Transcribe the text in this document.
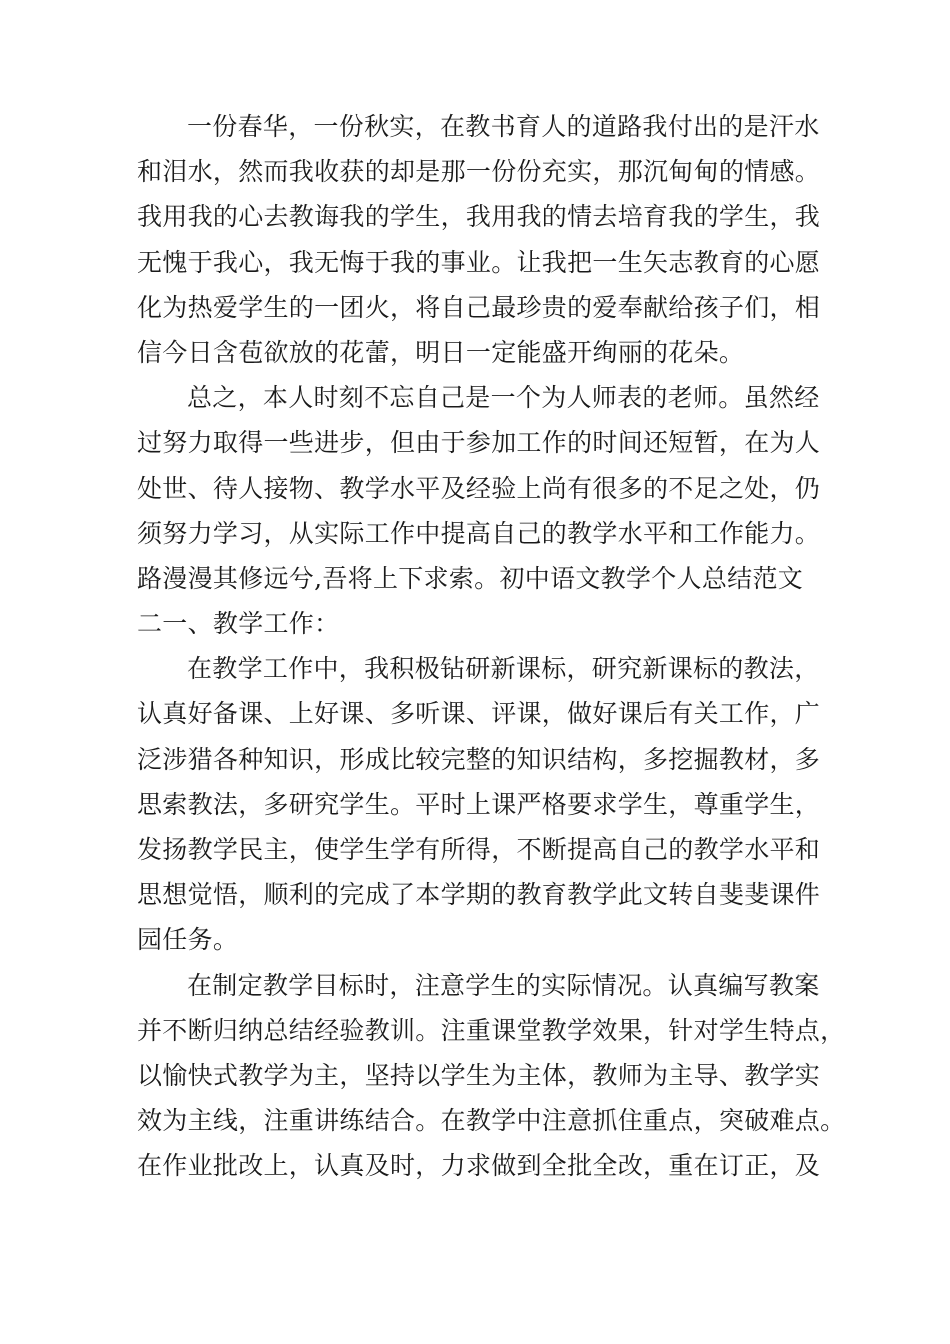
一份春华，一份秋实，在教书育人的道路我付出的是汗水
和泪水，然而我收获的却是那一份份充实，那沉甸甸的情感。
我用我的心去教诲我的学生，我用我的情去培育我的学生，我
无愧于我心，我无悔于我的事业。让我把一生矢志教育的心愿
化为热爱学生的一团火，将自己最珍贵的爱奉献给孩子们，相
信今日含苞欲放的花蕾，明日一定能盛开绚丽的花朵。
总之，本人时刻不忘自己是一个为人师表的老师。虽然经
过努力取得一些进步，但由于参加工作的时间还短暂，在为人
处世、待人接物、教学水平及经验上尚有很多的不足之处，仍
须努力学习，从实际工作中提高自己的教学水平和工作能力。
路漫漫其修远兮,吾将上下求索。初中语文教学个人总结范文
二一、教学工作：
在教学工作中，我积极钻研新课标，研究新课标的教法，
认真好备课、上好课、多听课、评课，做好课后有关工作，广
泛涉猎各种知识，形成比较完整的知识结构，多挖掘教材，多
思索教法，多研究学生。平时上课严格要求学生，尊重学生，
发扬教学民主，使学生学有所得，不断提高自己的教学水平和
思想觉悟，顺利的完成了本学期的教育教学此文转自斐斐课件
园任务。
在制定教学目标时，注意学生的实际情况。认真编写教案
并不断归纳总结经验教训。注重课堂教学效果，针对学生特点，
以愉快式教学为主，坚持以学生为主体，教师为主导、教学实
效为主线，注重讲练结合。在教学中注意抓住重点，突破难点。
在作业批改上，认真及时，力求做到全批全改，重在订正，及
